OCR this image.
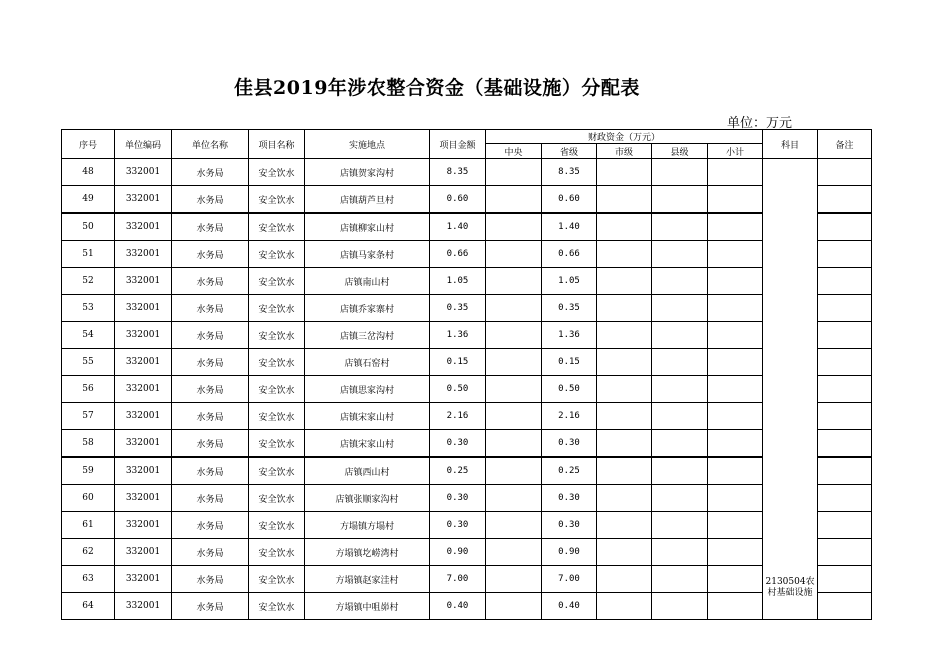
佳县2019年涉农整合资金（基础设施）分配表
单位：万元
序号	单位编码	单位名称	项目名称	实施地点	项目金额	财政资金（万元）					科目	备注
						中央	省级	市级	县级	小计		
48	332001	水务局	安全饮水	店镇贺家沟村	8.35		8.35				2130504农村基础设施	
49	332001	水务局	安全饮水	店镇葫芦旦村	0.60		0.60					
50	332001	水务局	安全饮水	店镇柳家山村	1.40		1.40					
51	332001	水务局	安全饮水	店镇马家条村	0.66		0.66					
52	332001	水务局	安全饮水	店镇南山村	1.05		1.05					
53	332001	水务局	安全饮水	店镇乔家寨村	0.35		0.35					
54	332001	水务局	安全饮水	店镇三岔沟村	1.36		1.36					
55	332001	水务局	安全饮水	店镇石窑村	0.15		0.15					
56	332001	水务局	安全饮水	店镇思家沟村	0.50		0.50					
57	332001	水务局	安全饮水	店镇宋家山村	2.16		2.16					
58	332001	水务局	安全饮水	店镇宋家山村	0.30		0.30					
59	332001	水务局	安全饮水	店镇西山村	0.25		0.25					
60	332001	水务局	安全饮水	店镇张顺家沟村	0.30		0.30					
61	332001	水务局	安全饮水	方塌镇方塌村	0.30		0.30					
62	332001	水务局	安全饮水	方塌镇圪崂湾村	0.90		0.90					
63	332001	水务局	安全饮水	方塌镇赵家洼村	7.00		7.00					
64	332001	水务局	安全饮水	方塌镇中咀峁村	0.40		0.40					
